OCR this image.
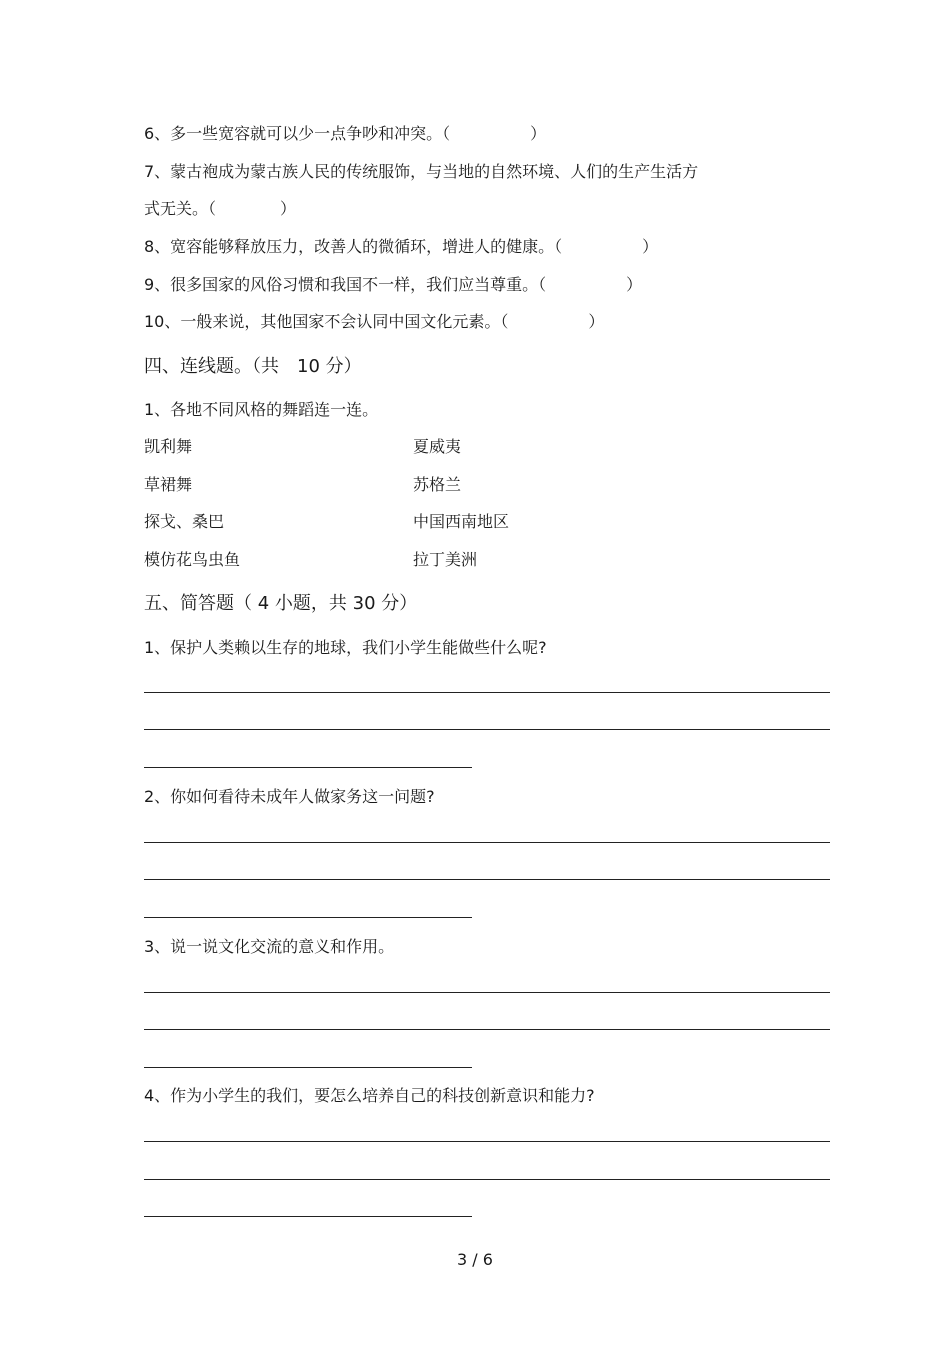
6、多一些宽容就可以少一点争吵和冲突。（　　　　　）
7、蒙古袍成为蒙古族人民的传统服饰，与当地的自然环境、人们的生产生活方
式无关。（　　　　）
8、宽容能够释放压力，改善人的微循环，增进人的健康。（　　　　　）
9、很多国家的风俗习惯和我国不一样，我们应当尊重。（　　　　　）
10、一般来说，其他国家不会认同中国文化元素。（　　　　　）
四、连线题。（共　10 分）
1、各地不同风格的舞蹈连一连。
凯利舞	夏威夷
草裙舞	苏格兰
探戈、桑巴	中国西南地区
模仿花鸟虫鱼	拉丁美洲
五、简答题（ 4 小题，共 30 分）
1、保护人类赖以生存的地球，我们小学生能做些什么呢?
2、你如何看待未成年人做家务这一问题?
3、说一说文化交流的意义和作用。
4、作为小学生的我们，要怎么培养自己的科技创新意识和能力?
3 / 6
